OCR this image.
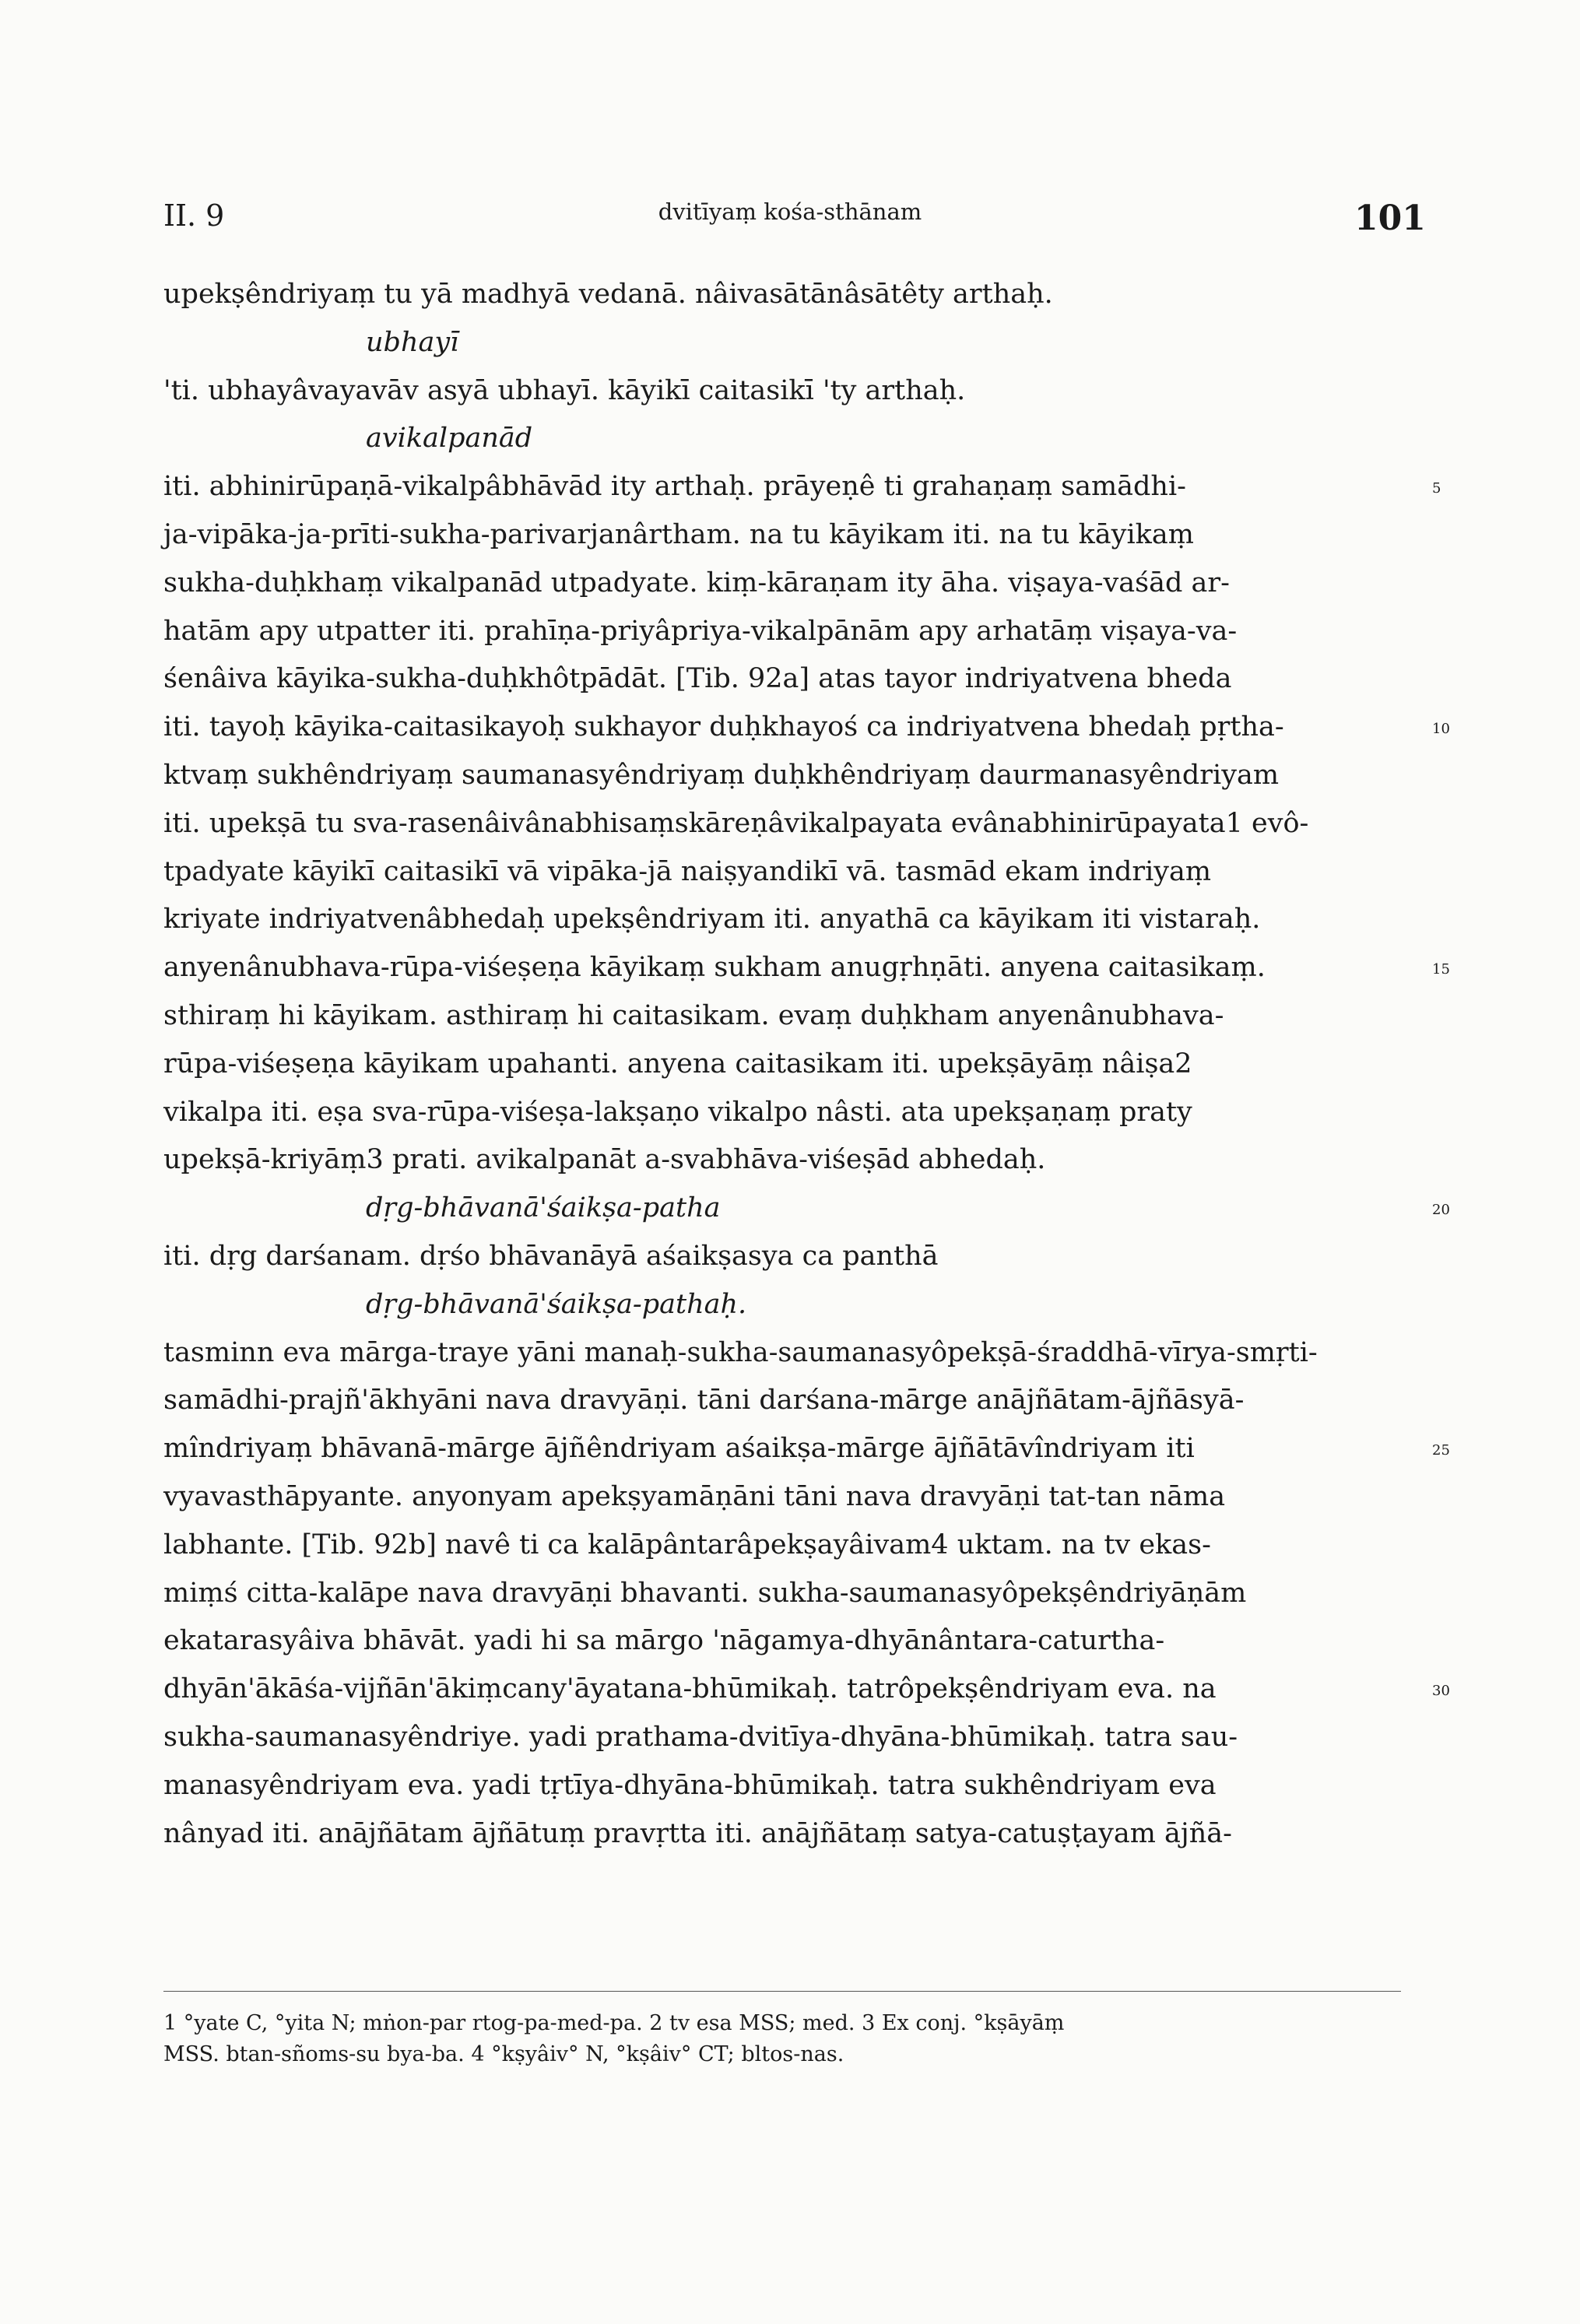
II. 9	dvitīyaṃ kośa-sthānam	101
upekṣêndriyaṃ tu yā madhyā vedanā. nâivasātānâsātêty arthaḥ.
ubhayī
'ti. ubhayâvayavāv asyā ubhayī. kāyikī caitasikī 'ty arthaḥ.
avikalpanād
iti. abhinirūpaṇā-vikalpâbhāvād ity arthaḥ. prāyeṇê ti grahaṇaṃ samādhi-	5
ja-vipāka-ja-prīti-sukha-parivarjanârtham. na tu kāyikam iti. na tu kāyikaṃ
sukha-duḥkhaṃ vikalpanād utpadyate. kiṃ-kāraṇam ity āha. viṣaya-vaśād ar-
hatām apy utpatter iti. prahīṇa-priyâpriya-vikalpānām apy arhatāṃ viṣaya-va-
śenâiva kāyika-sukha-duḥkhôtpādāt. [Tib. 92a] atas tayor indriyatvena bheda
iti. tayoḥ kāyika-caitasikayoḥ sukhayor duḥkhayoś ca indriyatvena bhedaḥ pṛtha-	10
ktvaṃ sukhêndriyaṃ saumanasyêndriyaṃ duḥkhêndriyaṃ daurmanasyêndriyam
iti. upekṣā tu sva-rasenâivânabhisaṃskāreṇâvikalpayata evânabhinirūpayata1 evô-
tpadyate kāyikī caitasikī vā vipāka-jā naiṣyandikī vā. tasmād ekam indriyaṃ
kriyate indriyatvenâbhedaḥ upekṣêndriyam iti. anyathā ca kāyikam iti vistaraḥ.
anyenânubhava-rūpa-viśeṣeṇa kāyikaṃ sukham anugṛhṇāti. anyena caitasikaṃ.	15
sthiraṃ hi kāyikam. asthiraṃ hi caitasikam. evaṃ duḥkham anyenânubhava-
rūpa-viśeṣeṇa kāyikam upahanti. anyena caitasikam iti. upekṣāyāṃ nâiṣa2
vikalpa iti. eṣa sva-rūpa-viśeṣa-lakṣaṇo vikalpo nâsti. ata upekṣaṇaṃ praty
upekṣā-kriyāṃ3 prati. avikalpanāt a-svabhāva-viśeṣād abhedaḥ.
dṛg-bhāvanā'śaikṣa-patha	20
iti. dṛg darśanam. dṛśo bhāvanāyā aśaikṣasya ca panthā
dṛg-bhāvanā'śaikṣa-pathaḥ.
tasminn eva mārga-traye yāni manaḥ-sukha-saumanasyôpekṣā-śraddhā-vīrya-smṛti-
samādhi-prajñ'ākhyāni nava dravyāṇi. tāni darśana-mārge anājñātam-ājñāsyā-
mîndriyaṃ bhāvanā-mārge ājñêndriyam aśaikṣa-mārge ājñātāvîndriyam iti	25
vyavasthāpyante. anyonyam apekṣyamāṇāni tāni nava dravyāṇi tat-tan nāma
labhante. [Tib. 92b] navê ti ca kalāpântarâpekṣayâivam4 uktam. na tv ekas-
miṃś citta-kalāpe nava dravyāṇi bhavanti. sukha-saumanasyôpekṣêndriyāṇām
ekatarasyâiva bhāvāt. yadi hi sa mārgo 'nāgamya-dhyānântara-caturtha-
dhyān'ākāśa-vijñān'ākiṃcany'āyatana-bhūmikaḥ. tatrôpekṣêndriyam eva. na	30
sukha-saumanasyêndriye. yadi prathama-dvitīya-dhyāna-bhūmikaḥ. tatra sau-
manasyêndriyam eva. yadi tṛtīya-dhyāna-bhūmikaḥ. tatra sukhêndriyam eva
nânyad iti. anājñātam ājñātuṃ pravṛtta iti. anājñātaṃ satya-catuṣṭayam ājñā-
1 °yate C, °yita N; mṅon-par rtog-pa-med-pa. 2 tv esa MSS; med. 3 Ex conj. °kṣāyāṃ
MSS. btan-sñoms-su bya-ba. 4 °kṣyâiv° N, °kṣâiv° CT; bltos-nas.
